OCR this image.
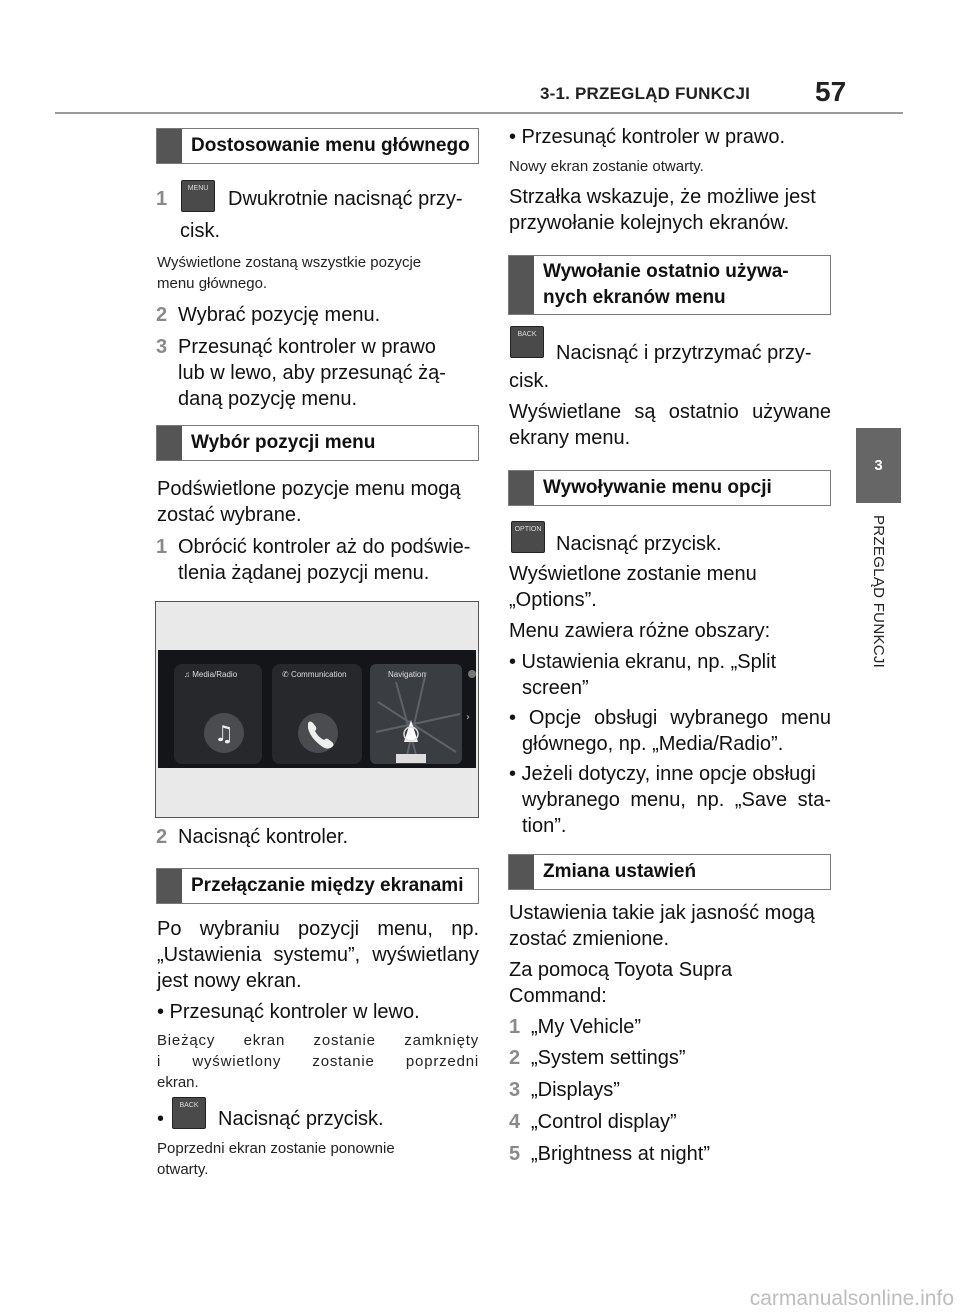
3-1. PRZEGLĄD FUNKCJI 57
3
PRZEGLĄD FUNKCJI
Dostosowanie menu głównego
1	MENU Dwukrotnie nacisnąć przy-
cisk.
Wyświetlone zostaną wszystkie pozycje
menu głównego.
2 Wybrać pozycję menu.
3 Przesunąć kontroler w prawo
lub w lewo, aby przesunąć żą-
daną pozycję menu.
Wybór pozycji menu
Podświetlone pozycje menu mogą
zostać wybrane.
1 Obrócić kontroler aż do podświe-
tlenia żądanej pozycji menu.
♫
›
♫ Media/Radio	✆ Communication	Navigation
2 Nacisnąć kontroler.
Przełączanie między ekranami
Po wybraniu pozycji menu, np.
„Ustawienia systemu”, wyświetlany
jest nowy ekran.
• Przesunąć kontroler w lewo.
Bieżący ekran zostanie zamknięty
i wyświetlony zostanie poprzedni
ekran.
•
BACK
Nacisnąć przycisk.
Poprzedni ekran zostanie ponownie
otwarty.
• Przesunąć kontroler w prawo.
Nowy ekran zostanie otwarty.
Strzałka wskazuje, że możliwe jest
przywołanie kolejnych ekranów.
Wywołanie ostatnio używa-
nych ekranów menu
BACK
Nacisnąć i przytrzymać przy-
cisk.
Wyświetlane są ostatnio używane
ekrany menu.
Wywoływanie menu opcji
OPTION
Nacisnąć przycisk.
Wyświetlone zostanie menu
„Options”.
Menu zawiera różne obszary:
• Ustawienia ekranu, np. „Split
screen”
• Opcje obsługi wybranego menu
głównego, np. „Media/Radio”.
• Jeżeli dotyczy, inne opcje obsługi
wybranego menu, np. „Save sta-
tion”.
Zmiana ustawień
Ustawienia takie jak jasność mogą
zostać zmienione.
Za pomocą Toyota Supra
Command:
1 „My Vehicle”
2 „System settings”
3 „Displays”
4 „Control display”
5 „Brightness at night”
carmanualsonline.info
